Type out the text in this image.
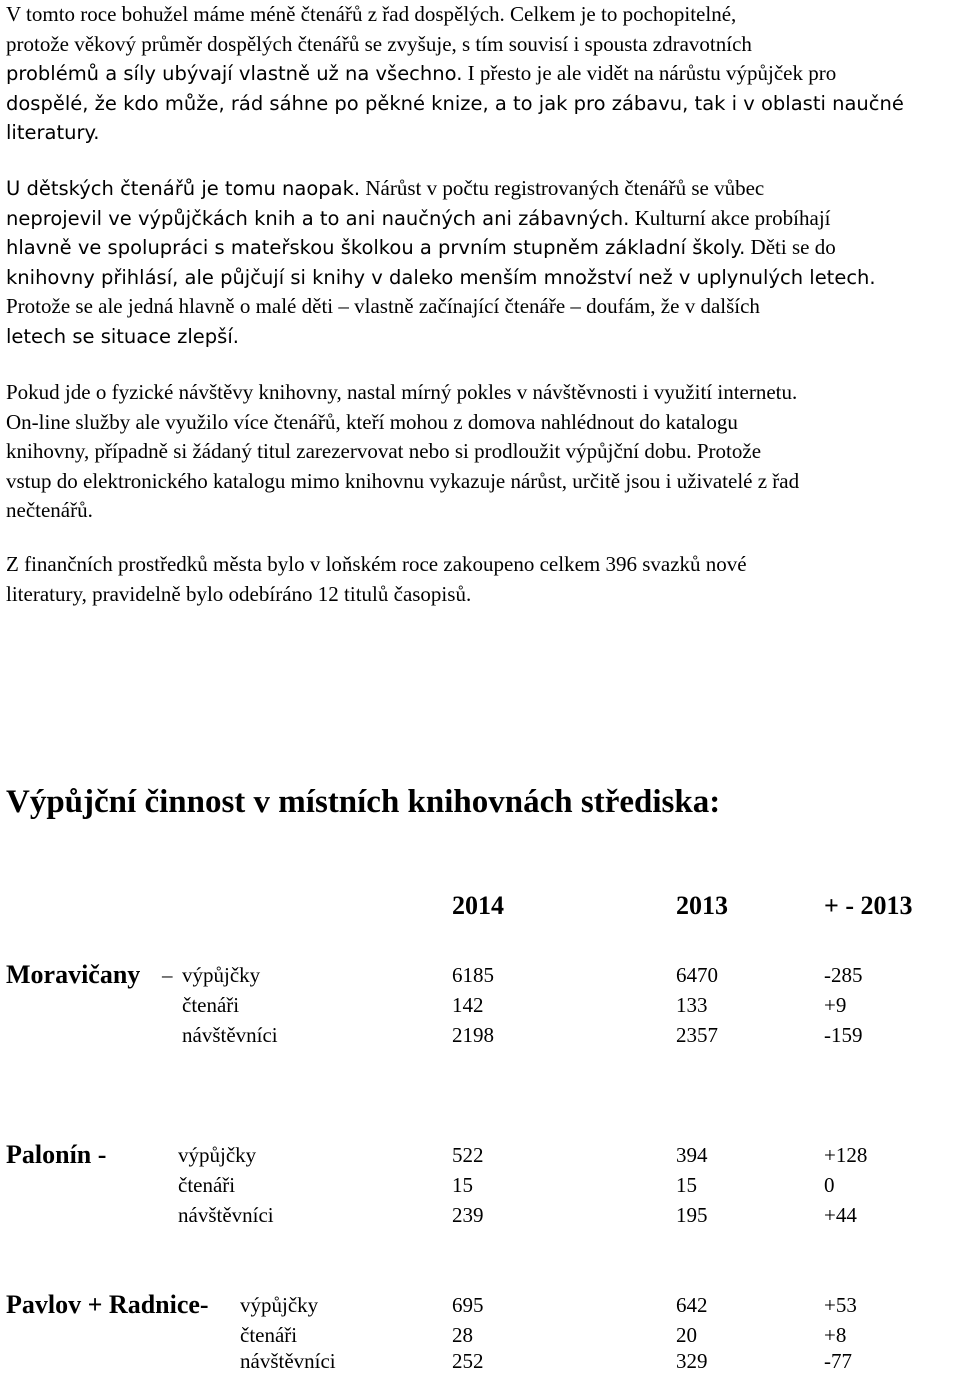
V tomto roce bohužel máme méně čtenářů z řad dospělých. Celkem je to pochopitelné,
protože věkový průměr dospělých čtenářů se zvyšuje, s tím souvisí i spousta zdravotních
problémů a síly ubývají vlastně už na všechno. I přesto je ale vidět na nárůstu výpůjček pro
dospělé, že kdo může, rád sáhne po pěkné knize, a to jak pro zábavu, tak i v oblasti naučné
literatury.
U dětských čtenářů je tomu naopak. Nárůst v počtu registrovaných čtenářů se vůbec
neprojevil ve výpůjčkách knih a to ani naučných ani zábavných. Kulturní akce probíhají
hlavně ve spolupráci s mateřskou školkou a prvním stupněm základní školy. Děti se do
knihovny přihlásí, ale půjčují si knihy v daleko menším množství než v uplynulých letech.
Protože se ale jedná hlavně o malé děti – vlastně začínající čtenáře – doufám, že v dalších
letech se situace zlepší.
Pokud jde o fyzické návštěvy knihovny, nastal mírný pokles v návštěvnosti i využití internetu.
On-line služby ale využilo více čtenářů, kteří mohou z domova nahlédnout do katalogu
knihovny, případně si žádaný titul zarezervovat nebo si prodloužit výpůjční dobu. Protože
vstup do elektronického katalogu mimo knihovnu vykazuje nárůst, určitě jsou i uživatelé z řad
nečtenářů.
Z finančních prostředků města bylo v loňském roce zakoupeno celkem 396 svazků nové
literatury, pravidelně bylo odebíráno 12 titulů časopisů.
Výpůjční činnost v místních knihovnách střediska:
2014	2013	+ - 2013
Moravičany – výpůjčky	6185	6470	-285
čtenáři	142	133	+9
návštěvníci	2198	2357	-159
Palonín -	výpůjčky	522	394	+128
čtenáři	15	15	0
návštěvníci	239	195	+44
Pavlov + Radnice- výpůjčky	695	642	+53
čtenáři	28	20	+8
návštěvníci	252	329	-77
